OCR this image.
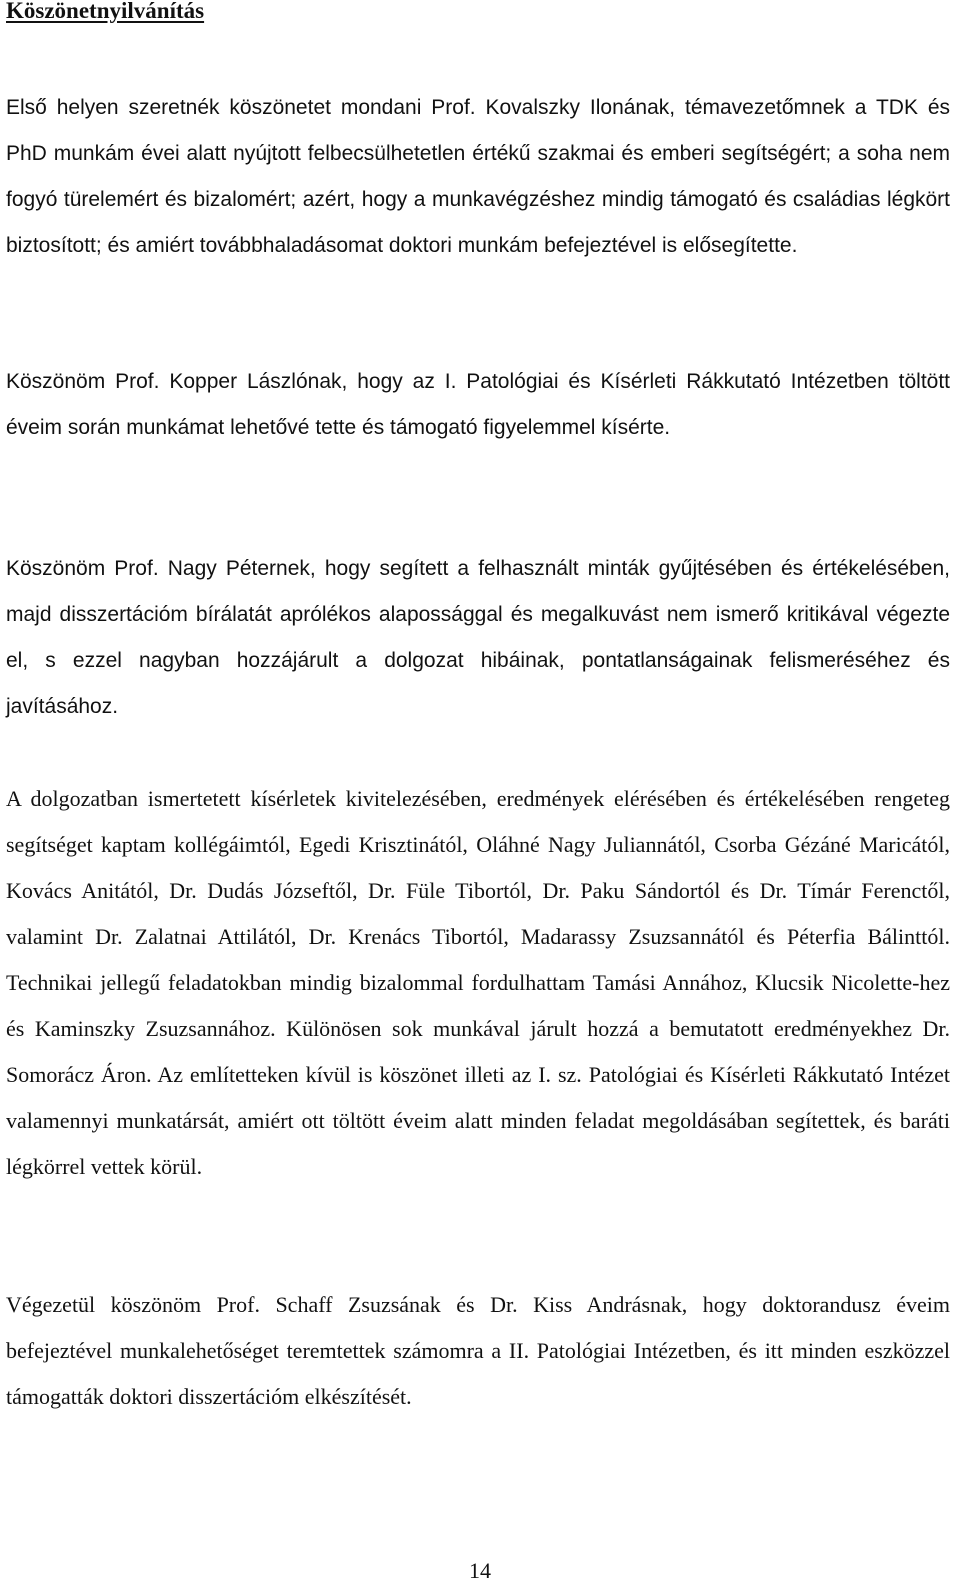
Köszönetnyilvánítás

Első helyen szeretnék köszönetet mondani Prof. Kovalszky Ilonának, témavezetőmnek a TDK és PhD munkám évei alatt nyújtott felbecsülhetetlen értékű szakmai és emberi segítségért; a soha nem fogyó türelemért és bizalomért; azért, hogy a munkavégzéshez mindig támogató és családias légkört biztosított; és amiért továbbhaladásomat doktori munkám befejeztével is elősegítette.

Köszönöm Prof. Kopper Lászlónak, hogy az I. Patológiai és Kísérleti Rákkutató Intézetben töltött éveim során munkámat lehetővé tette és támogató figyelemmel kísérte.

Köszönöm Prof. Nagy Péternek, hogy segített a felhasznált minták gyűjtésében és értékelésében, majd disszertációm bírálatát aprólékos alapossággal és megalkuvást nem ismerő kritikával végezte el, s ezzel nagyban hozzájárult a dolgozat hibáinak, pontatlanságainak felismeréséhez és javításához.

A dolgozatban ismertetett kísérletek kivitelezésében, eredmények elérésében és értékelésében rengeteg segítséget kaptam kollégáimtól, Egedi Krisztinától, Oláhné Nagy Juliannától, Csorba Gézáné Maricától, Kovács Anitától, Dr. Dudás Józseftől, Dr. Füle Tibortól, Dr. Paku Sándortól és Dr. Tímár Ferenctől, valamint Dr. Zalatnai Attilától, Dr. Krenács Tibortól, Madarassy Zsuzsannától és Péterfia Bálinttól. Technikai jellegű feladatokban mindig bizalommal fordulhattam Tamási Annához, Klucsik Nicolette-hez és Kaminszky Zsuzsannához. Különösen sok munkával járult hozzá a bemutatott eredményekhez Dr. Somorácz Áron. Az említetteken kívül is köszönet illeti az I. sz. Patológiai és Kísérleti Rákkutató Intézet valamennyi munkatársát, amiért ott töltött éveim alatt minden feladat megoldásában segítettek, és baráti légkörrel vettek körül.

Végezetül köszönöm Prof. Schaff Zsuzsának és Dr. Kiss Andrásnak, hogy doktorandusz éveim befejeztével munkalehetőséget teremtettek számomra a II. Patológiai Intézetben, és itt minden eszközzel támogatták doktori disszertációm elkészítését.

14
